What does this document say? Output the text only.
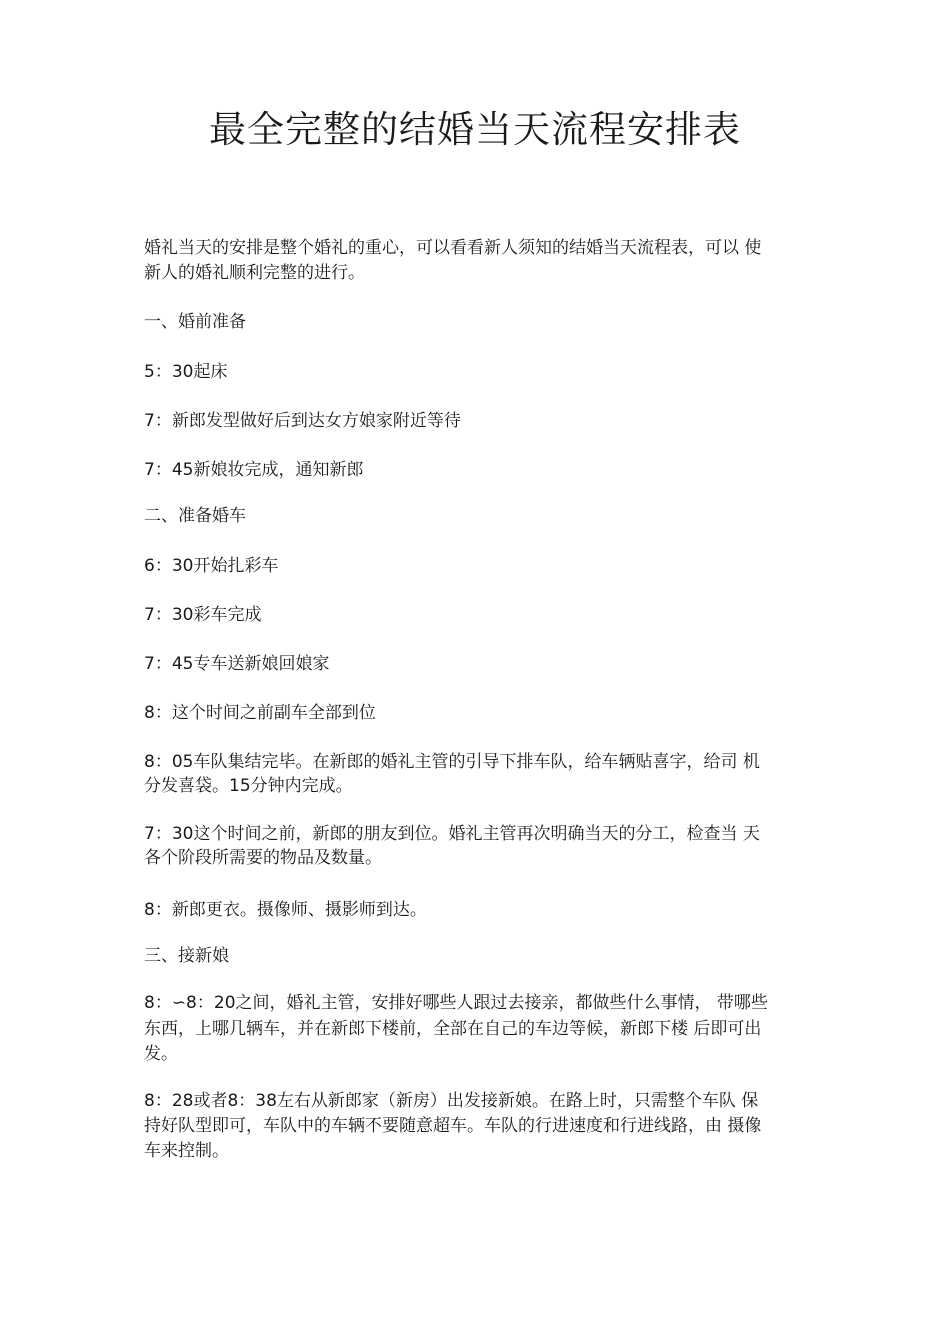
最全完整的结婚当天流程安排表

婚礼当天的安排是整个婚礼的重心，可以看看新人须知的结婚当天流程表，可以 使

新人的婚礼顺利完整的进行。

一、婚前准备

5：30起床

7：新郎发型做好后到达女方娘家附近等待

7：45新娘妆完成，通知新郎

二、准备婚车

6：30开始扎彩车

7：30彩车完成

7：45专车送新娘回娘家

8：这个时间之前副车全部到位

8：05车队集结完毕。在新郎的婚礼主管的引导下排车队，给车辆贴喜字，给司 机

分发喜袋。15分钟内完成。

7：30这个时间之前，新郎的朋友到位。婚礼主管再次明确当天的分工，检查当 天

各个阶段所需要的物品及数量。

8：新郎更衣。摄像师、摄影师到达。

三、接新娘

8：∽8：20之间，婚礼主管，安排好哪些人跟过去接亲，都做些什么事情， 带哪些

东西，上哪几辆车，并在新郎下楼前，全部在自己的车边等候，新郎下楼 后即可出

发。

8：28或者8：38左右从新郎家（新房）出发接新娘。在路上时，只需整个车队 保

持好队型即可，车队中的车辆不要随意超车。车队的行进速度和行进线路，由 摄像

车来控制。
